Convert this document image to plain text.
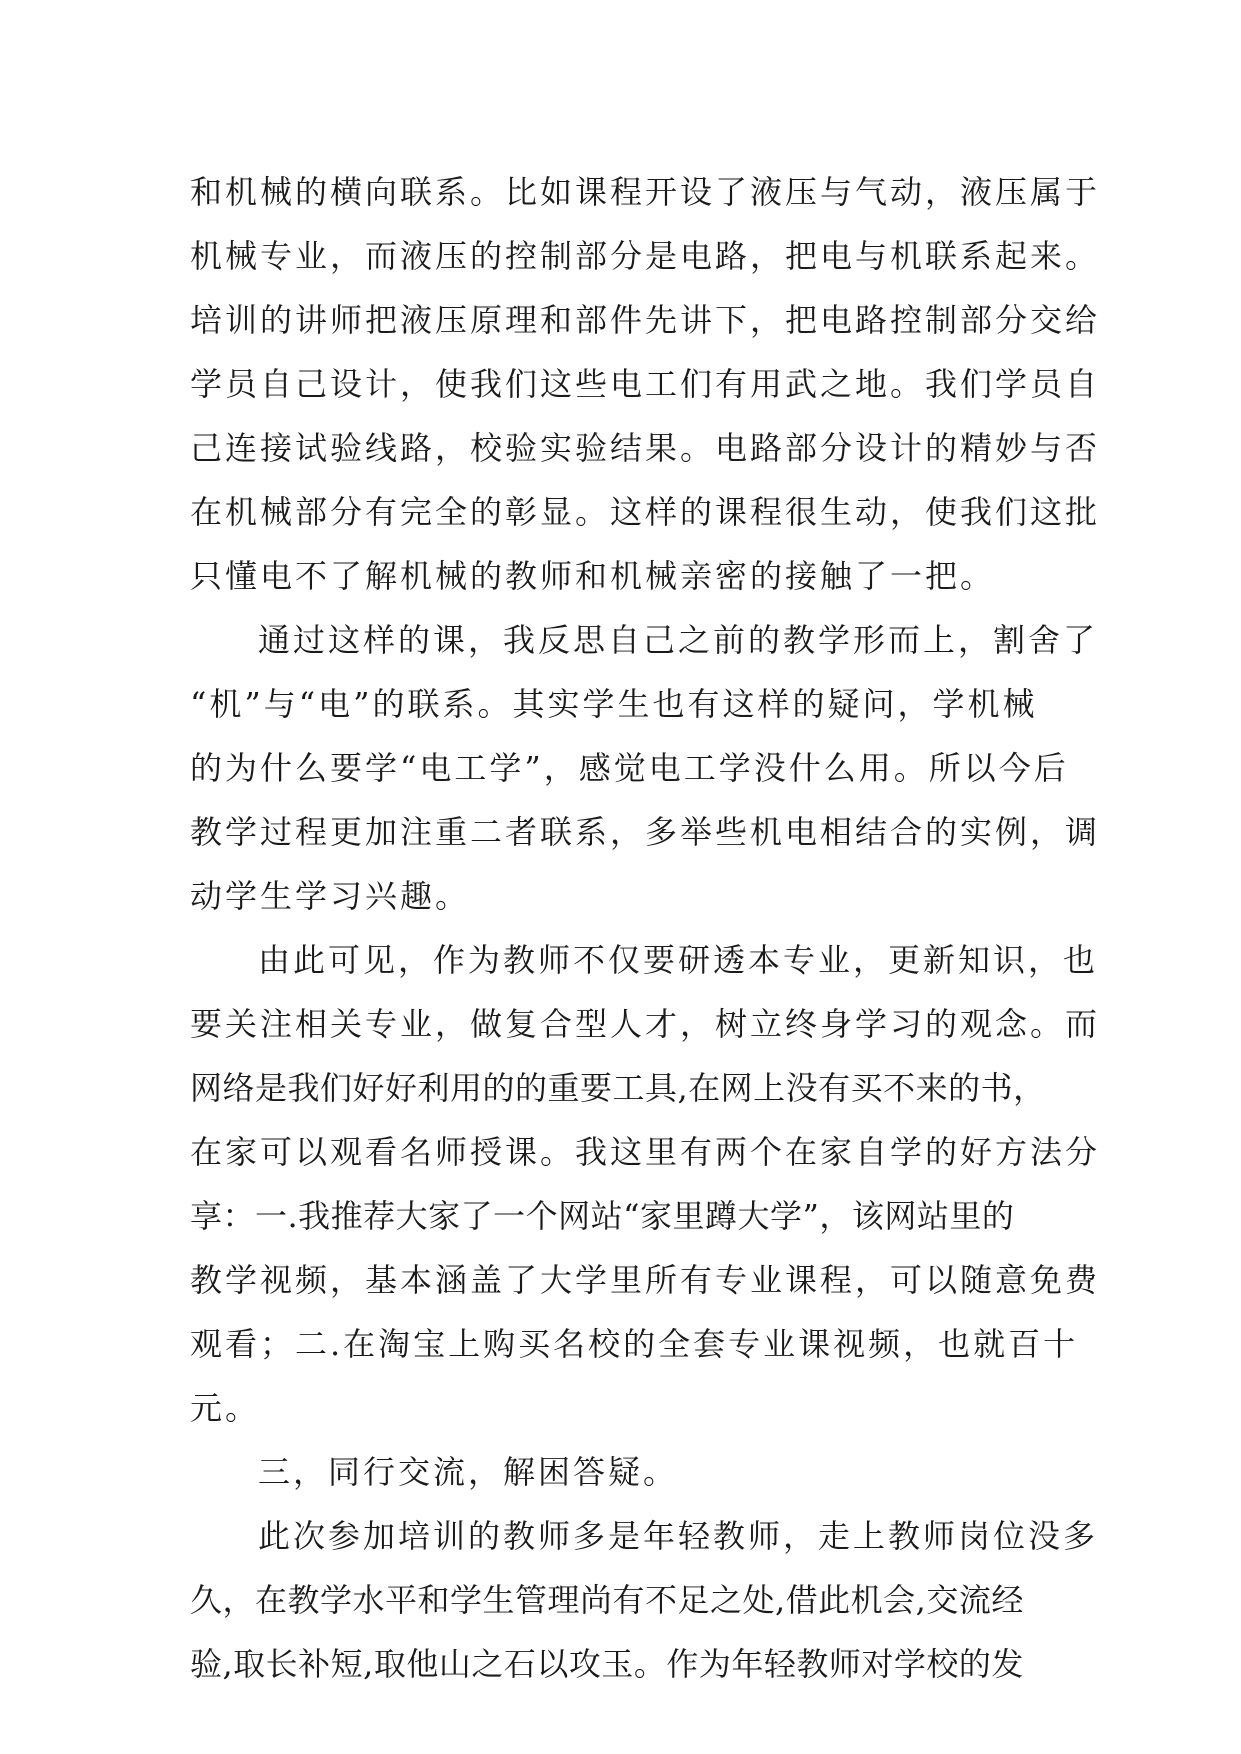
和机械的横向联系。比如课程开设了液压与气动，液压属于
机械专业，而液压的控制部分是电路，把电与机联系起来。
培训的讲师把液压原理和部件先讲下，把电路控制部分交给
学员自己设计，使我们这些电工们有用武之地。我们学员自
己连接试验线路，校验实验结果。电路部分设计的精妙与否
在机械部分有完全的彰显。这样的课程很生动，使我们这批
只懂电不了解机械的教师和机械亲密的接触了一把。
通过这样的课，我反思自己之前的教学形而上，割舍了
“机”与“电”的联系。其实学生也有这样的疑问，学机械
的为什么要学“电工学”，感觉电工学没什么用。所以今后
教学过程更加注重二者联系，多举些机电相结合的实例，调
动学生学习兴趣。
由此可见，作为教师不仅要研透本专业，更新知识，也
要关注相关专业，做复合型人才，树立终身学习的观念。而
网络是我们好好利用的的重要工具,在网上没有买不来的书，
在家可以观看名师授课。我这里有两个在家自学的好方法分
享：一.我推荐大家了一个网站“家里蹲大学”，该网站里的
教学视频，基本涵盖了大学里所有专业课程，可以随意免费
观看；二.在淘宝上购买名校的全套专业课视频，也就百十
元。
三，同行交流，解困答疑。
此次参加培训的教师多是年轻教师，走上教师岗位没多
久，在教学水平和学生管理尚有不足之处,借此机会,交流经
验,取长补短,取他山之石以攻玉。作为年轻教师对学校的发
